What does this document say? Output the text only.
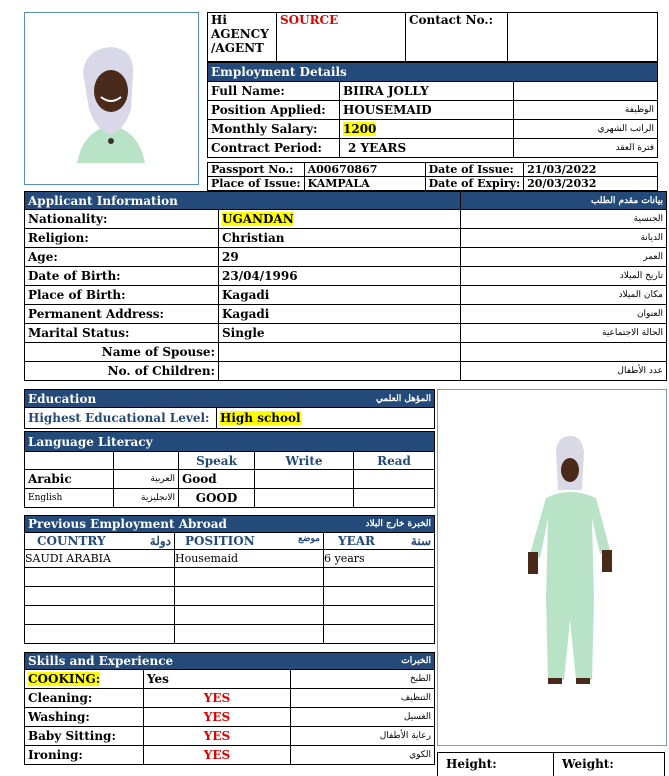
Hi AGENCY /AGENT	SOURCE	Contact No.:	
Employment Details		
Full Name:	BIIRA JOLLY	
Position Applied:	HOUSEMAID	الوظيفة
Monthly Salary:	1200	الراتب الشهري
Contract Period:	2 YEARS	فترة العقد
Passport No.:	A00670867	Date of Issue:	21/03/2022
Place of Issue:	KAMPALA	Date of Expiry:	20/03/2032
Applicant Information		بيانات مقدم الطلب
Nationality:	UGANDAN	الجنسية
Religion:	Christian	الديانة
Age:	29	العمر
Date of Birth:	23/04/1996	تاريخ الميلاد
Place of Birth:	Kagadi	مكان الميلاد
Permanent Address:	Kagadi	العنوان
Marital Status:	Single	الحالة الاجتماعية
Name of Spouse:		
No. of Children:		عدد الأطفال
Education	المؤهل العلمي
Highest Educational Level:	High school
Language Literacy				
		Speak	Write	Read
Arabic	العربية	Good		
English	الانجليزية	GOOD		
Previous Employment Abroad		الخبرة خارج البلاد
COUNTRY دولة	POSITION موضع	YEAR سنة

SAUDI ARABIA	Housemaid	6 years

Skills and Experience		الخبرات
COOKING:	Yes	الطبخ
Cleaning:	YES	التنظيف
Washing:	YES	الغسيل
Baby Sitting:	YES	رعاية الأطفال
Ironing:	YES	الكوي
Height:	Weight:
